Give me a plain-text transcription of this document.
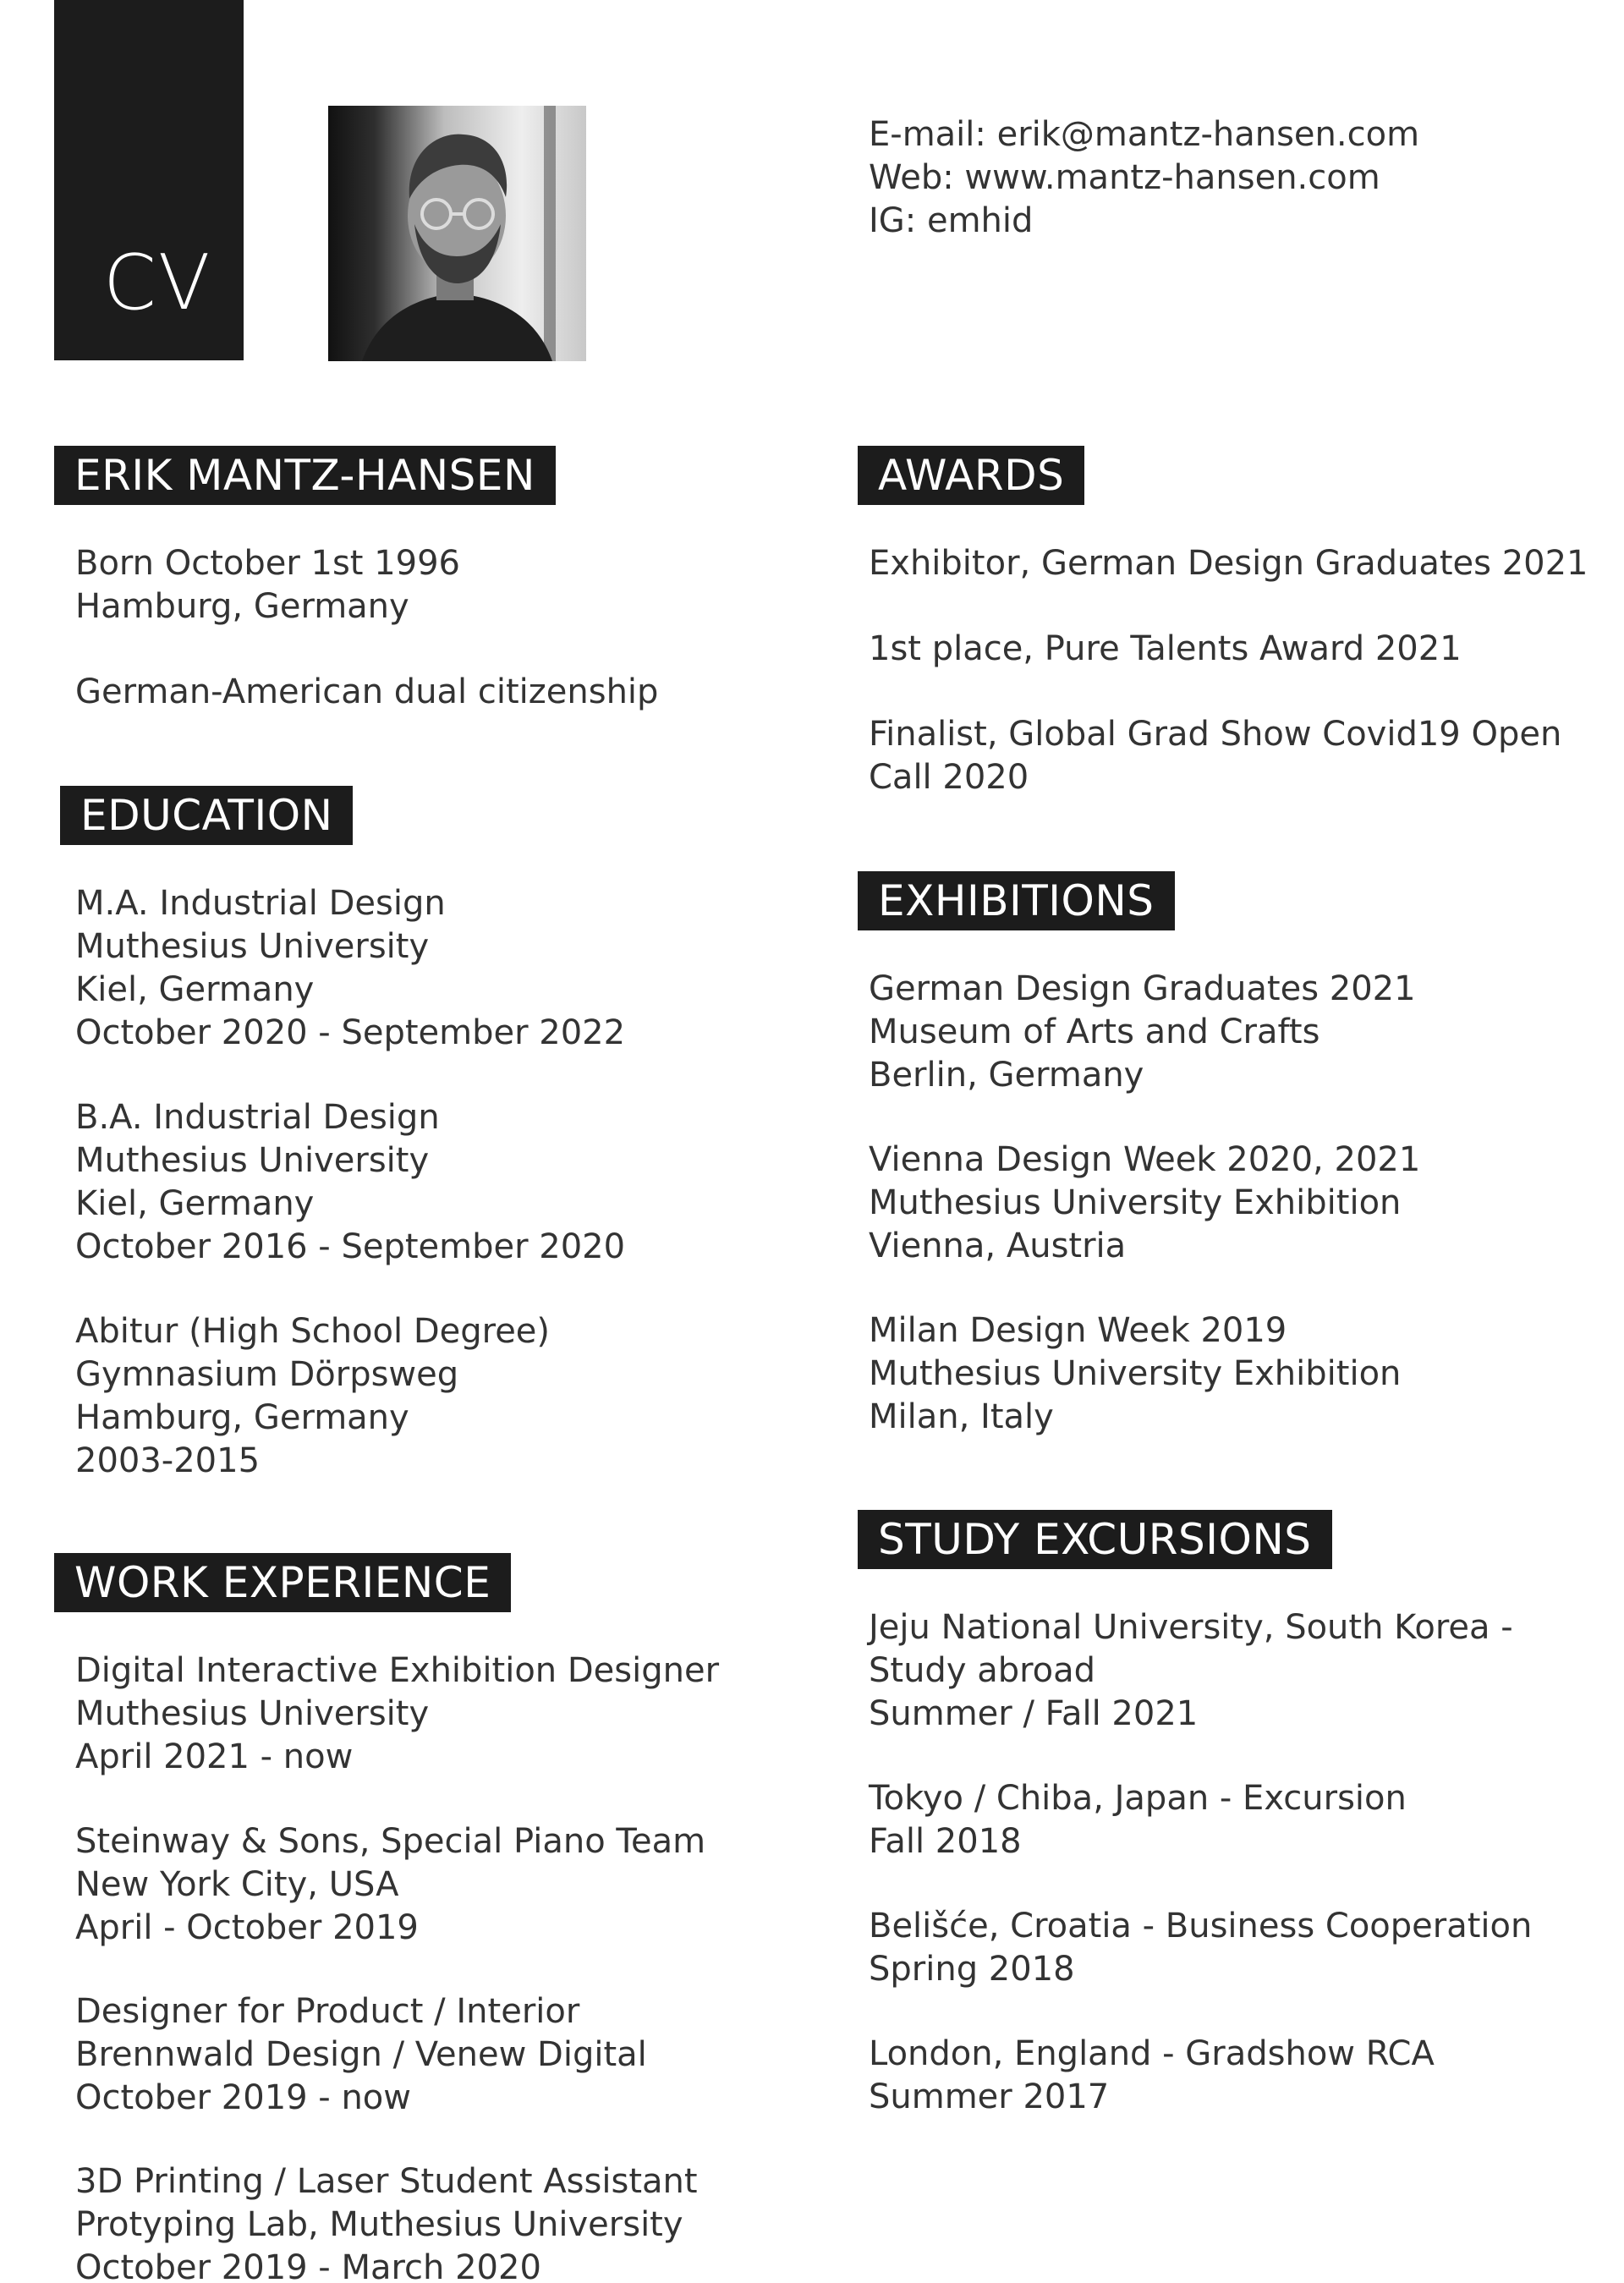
CV
E-mail: erik@mantz-hansen.com
Web: www.mantz-hansen.com
IG: emhid
ERIK MANTZ-HANSEN
Born October 1st 1996
Hamburg, Germany
German-American dual citizenship
EDUCATION
M.A. Industrial Design
Muthesius University
Kiel, Germany
October 2020 - September 2022
B.A. Industrial Design
Muthesius University
Kiel, Germany
October 2016 - September 2020
Abitur (High School Degree)
Gymnasium Dörpsweg
Hamburg, Germany
2003-2015
WORK EXPERIENCE
Digital Interactive Exhibition Designer
Muthesius University
April 2021 - now
Steinway & Sons, Special Piano Team
New York City, USA
April - October 2019
Designer for Product / Interior
Brennwald Design / Venew Digital
October 2019 - now
3D Printing / Laser Student Assistant
Protyping Lab, Muthesius University
October 2019 - March 2020
AWARDS
Exhibitor, German Design Graduates 2021
1st place, Pure Talents Award 2021
Finalist, Global Grad Show Covid19 Open Call 2020
EXHIBITIONS
German Design Graduates 2021
Museum of Arts and Crafts
Berlin, Germany
Vienna Design Week 2020, 2021
Muthesius University Exhibition
Vienna, Austria
Milan Design Week 2019
Muthesius University Exhibition
Milan, Italy
STUDY EXCURSIONS
Jeju National University, South Korea - Study abroad
Summer / Fall 2021
Tokyo / Chiba, Japan - Excursion
Fall 2018
Belišće, Croatia - Business Cooperation
Spring 2018
London, England - Gradshow RCA
Summer 2017
